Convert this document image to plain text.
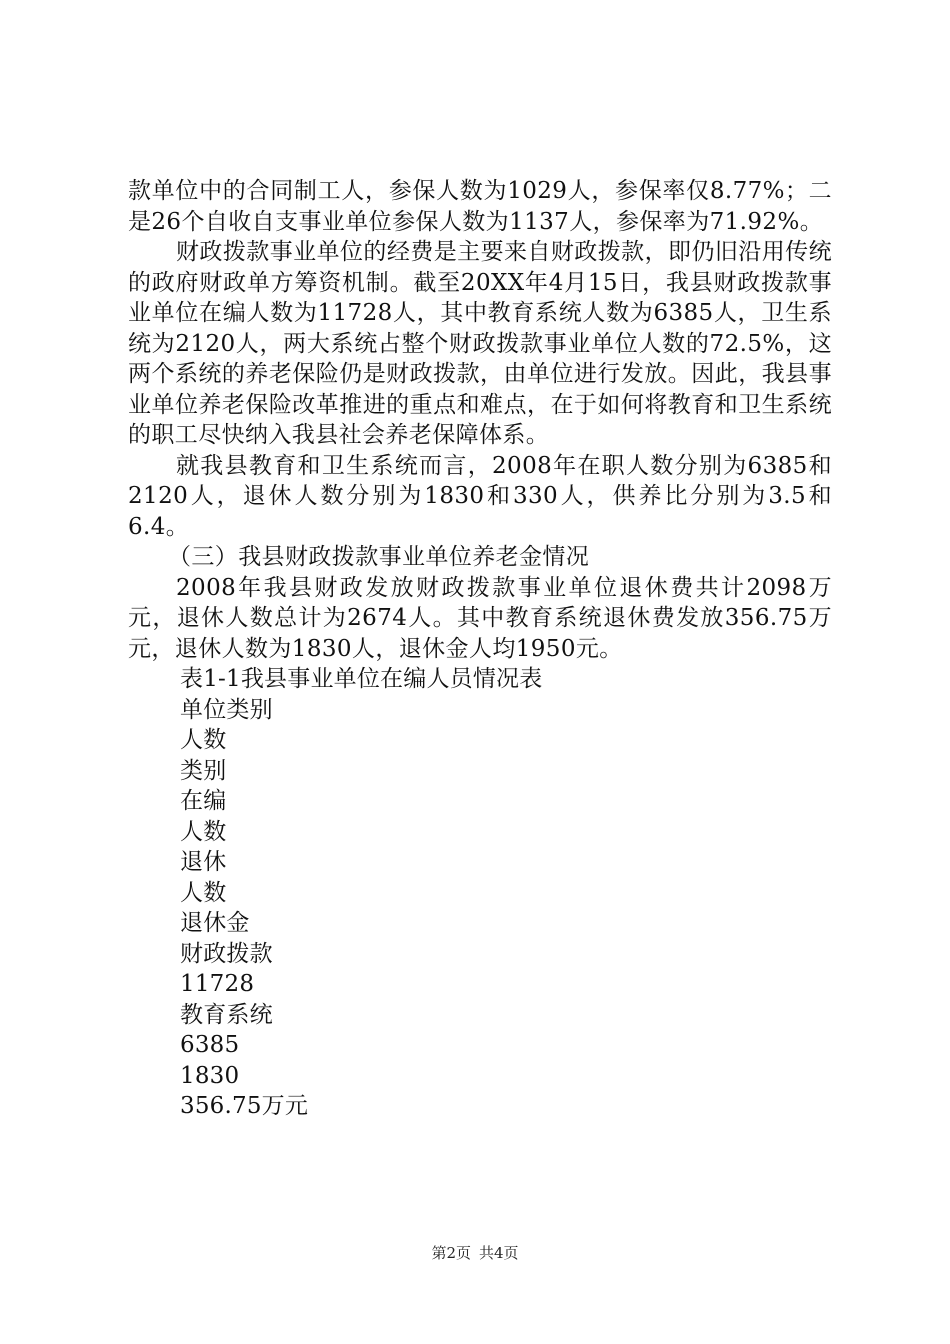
款单位中的合同制工人，参保人数为1029人，参保率仅8.77%；二是26个自收自支事业单位参保人数为1137人，参保率为71.92%。

财政拨款事业单位的经费是主要来自财政拨款，即仍旧沿用传统的政府财政单方筹资机制。截至20XX年4月15日，我县财政拨款事业单位在编人数为11728人，其中教育系统人数为6385人，卫生系统为2120人，两大系统占整个财政拨款事业单位人数的72.5%，这两个系统的养老保险仍是财政拨款，由单位进行发放。因此，我县事业单位养老保险改革推进的重点和难点，在于如何将教育和卫生系统的职工尽快纳入我县社会养老保障体系。

就我县教育和卫生系统而言，2008年在职人数分别为6385和2120人，退休人数分别为1830和330人，供养比分别为3.5和6.4。

（三）我县财政拨款事业单位养老金情况

2008年我县财政发放财政拨款事业单位退休费共计2098万元，退休人数总计为2674人。其中教育系统退休费发放356.75万元，退休人数为1830人，退休金人均1950元。

表1-1我县事业单位在编人员情况表

单位类别

人数

类别

在编

人数

退休

人数

退休金

财政拨款

11728

教育系统

6385

1830

356.75万元

第2页 共4页
